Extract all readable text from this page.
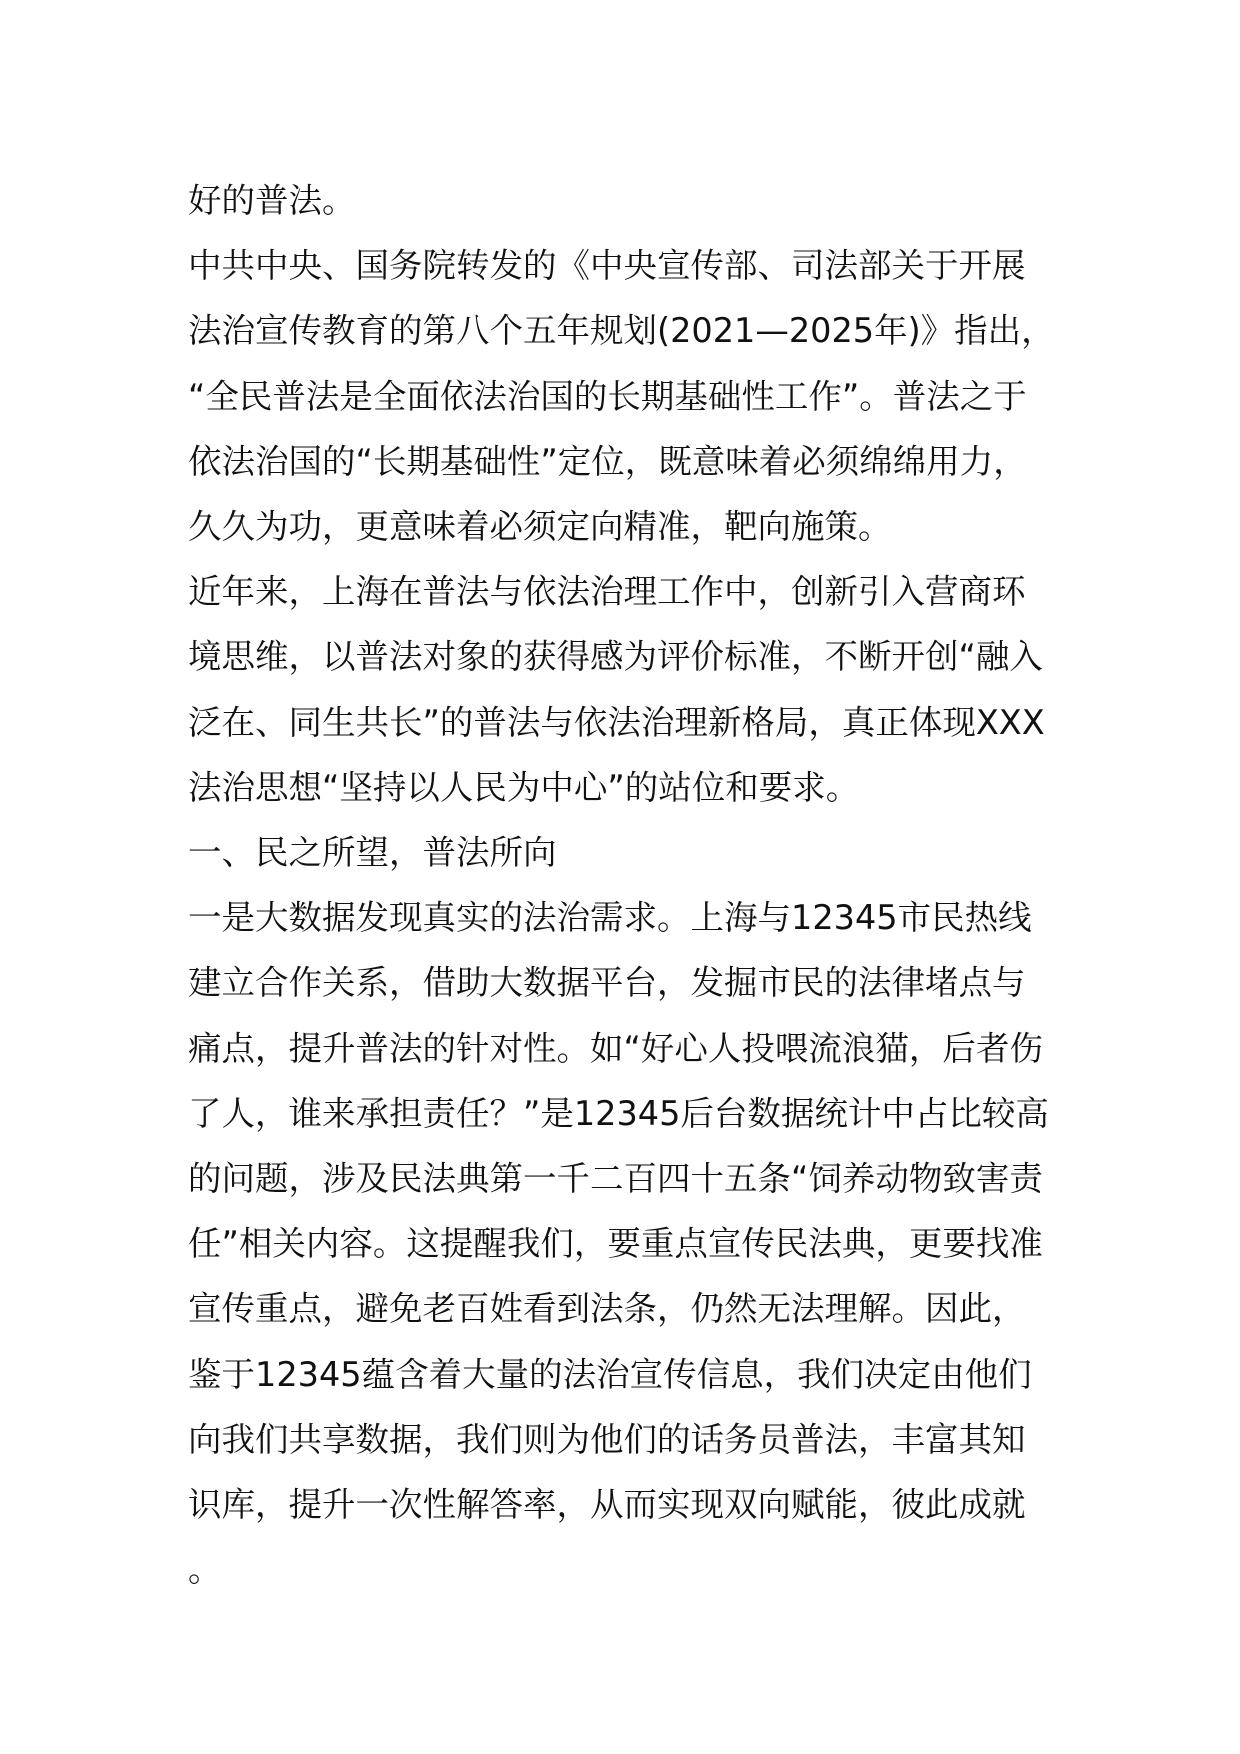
好的普法。

中共中央、国务院转发的《中央宣传部、司法部关于开展法治宣传教育的第八个五年规划(2021—2025年)》指出，“全民普法是全面依法治国的长期基础性工作”。普法之于依法治国的“长期基础性”定位，既意味着必须绵绵用力，久久为功，更意味着必须定向精准，靶向施策。

近年来，上海在普法与依法治理工作中，创新引入营商环境思维，以普法对象的获得感为评价标准，不断开创“融入泛在、同生共长”的普法与依法治理新格局，真正体现XXX法治思想“坚持以人民为中心”的站位和要求。

一、民之所望，普法所向

一是大数据发现真实的法治需求。上海与12345市民热线建立合作关系，借助大数据平台，发掘市民的法律堵点与痛点，提升普法的针对性。如“好心人投喂流浪猫，后者伤了人，谁来承担责任？”是12345后台数据统计中占比较高的问题，涉及民法典第一千二百四十五条“饲养动物致害责任”相关内容。这提醒我们，要重点宣传民法典，更要找准宣传重点，避免老百姓看到法条，仍然无法理解。因此，鉴于12345蕴含着大量的法治宣传信息，我们决定由他们向我们共享数据，我们则为他们的话务员普法，丰富其知识库，提升一次性解答率，从而实现双向赋能，彼此成就。
